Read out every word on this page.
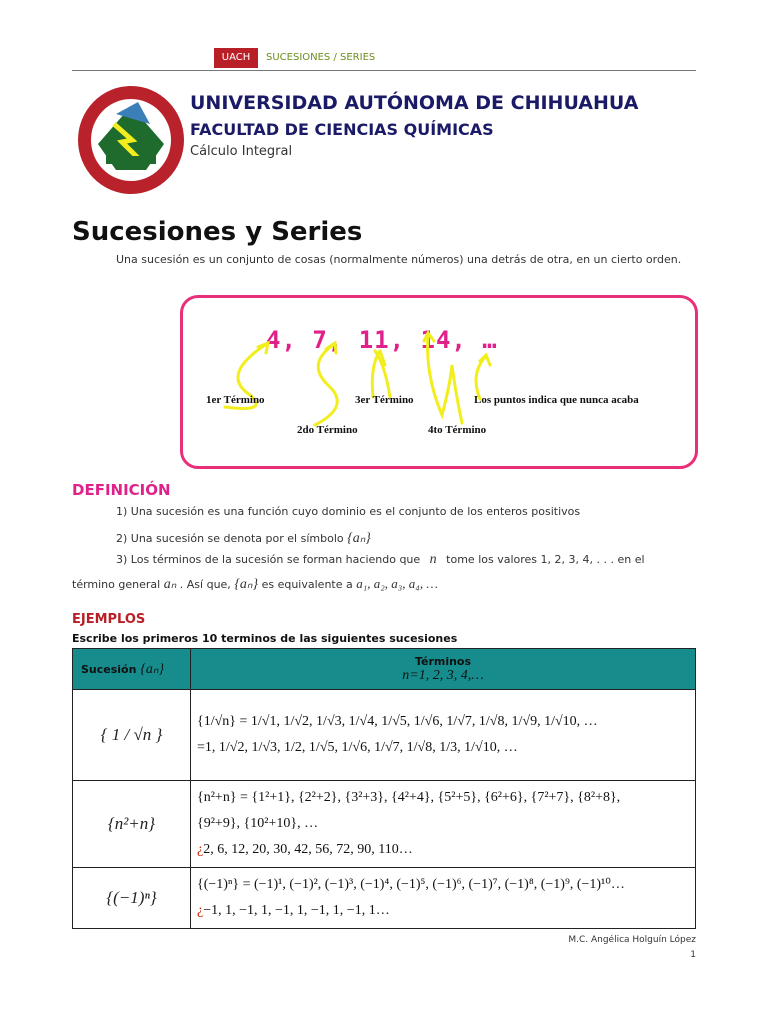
UACH	SUCESIONES / SERIES
UNIVERSIDAD AUTÓNOMA DE CHIHUAHUA
FACULTAD DE CIENCIAS QUÍMICAS
Cálculo Integral
Sucesiones y Series
Una sucesión es un conjunto de cosas (normalmente números) una detrás de otra, en un cierto orden.
4, 7, 11, 14, …
1er Término	3er Término	Los puntos indica que nunca acaba
2do Término	4to Término
DEFINICIÓN
1) Una sucesión es una función cuyo dominio es el conjunto de los enteros positivos
2) Una sucesión se denota por el símbolo {aₙ}
3) Los términos de la sucesión se forman haciendo que n tome los valores 1, 2, 3, 4, . . . en el
término general aₙ . Así que, {aₙ} es equivalente a a₁, a₂, a₃, a₄, …
EJEMPLOS
Escribe los primeros 10 terminos de las siguientes sucesiones
Sucesión {aₙ}	Términos
n=1, 2, 3, 4,…

{ 1 / √n }	{1/√n} = 1/√1, 1/√2, 1/√3, 1/√4, 1/√5, 1/√6, 1/√7, 1/√8, 1/√9, 1/√10, …
=1, 1/√2, 1/√3, 1/2, 1/√5, 1/√6, 1/√7, 1/√8, 1/3, 1/√10, …

{n²+n}	{n²+n} = {1²+1}, {2²+2}, {3²+3}, {4²+4}, {5²+5}, {6²+6}, {7²+7}, {8²+8},
{9²+9}, {10²+10}, …
¿2, 6, 12, 20, 30, 42, 56, 72, 90, 110…

{(−1)ⁿ}	{(−1)ⁿ} = (−1)¹, (−1)², (−1)³, (−1)⁴, (−1)⁵, (−1)⁶, (−1)⁷, (−1)⁸, (−1)⁹, (−1)¹⁰…
¿−1, 1, −1, 1, −1, 1, −1, 1, −1, 1…
M.C. Angélica Holguín López
1
